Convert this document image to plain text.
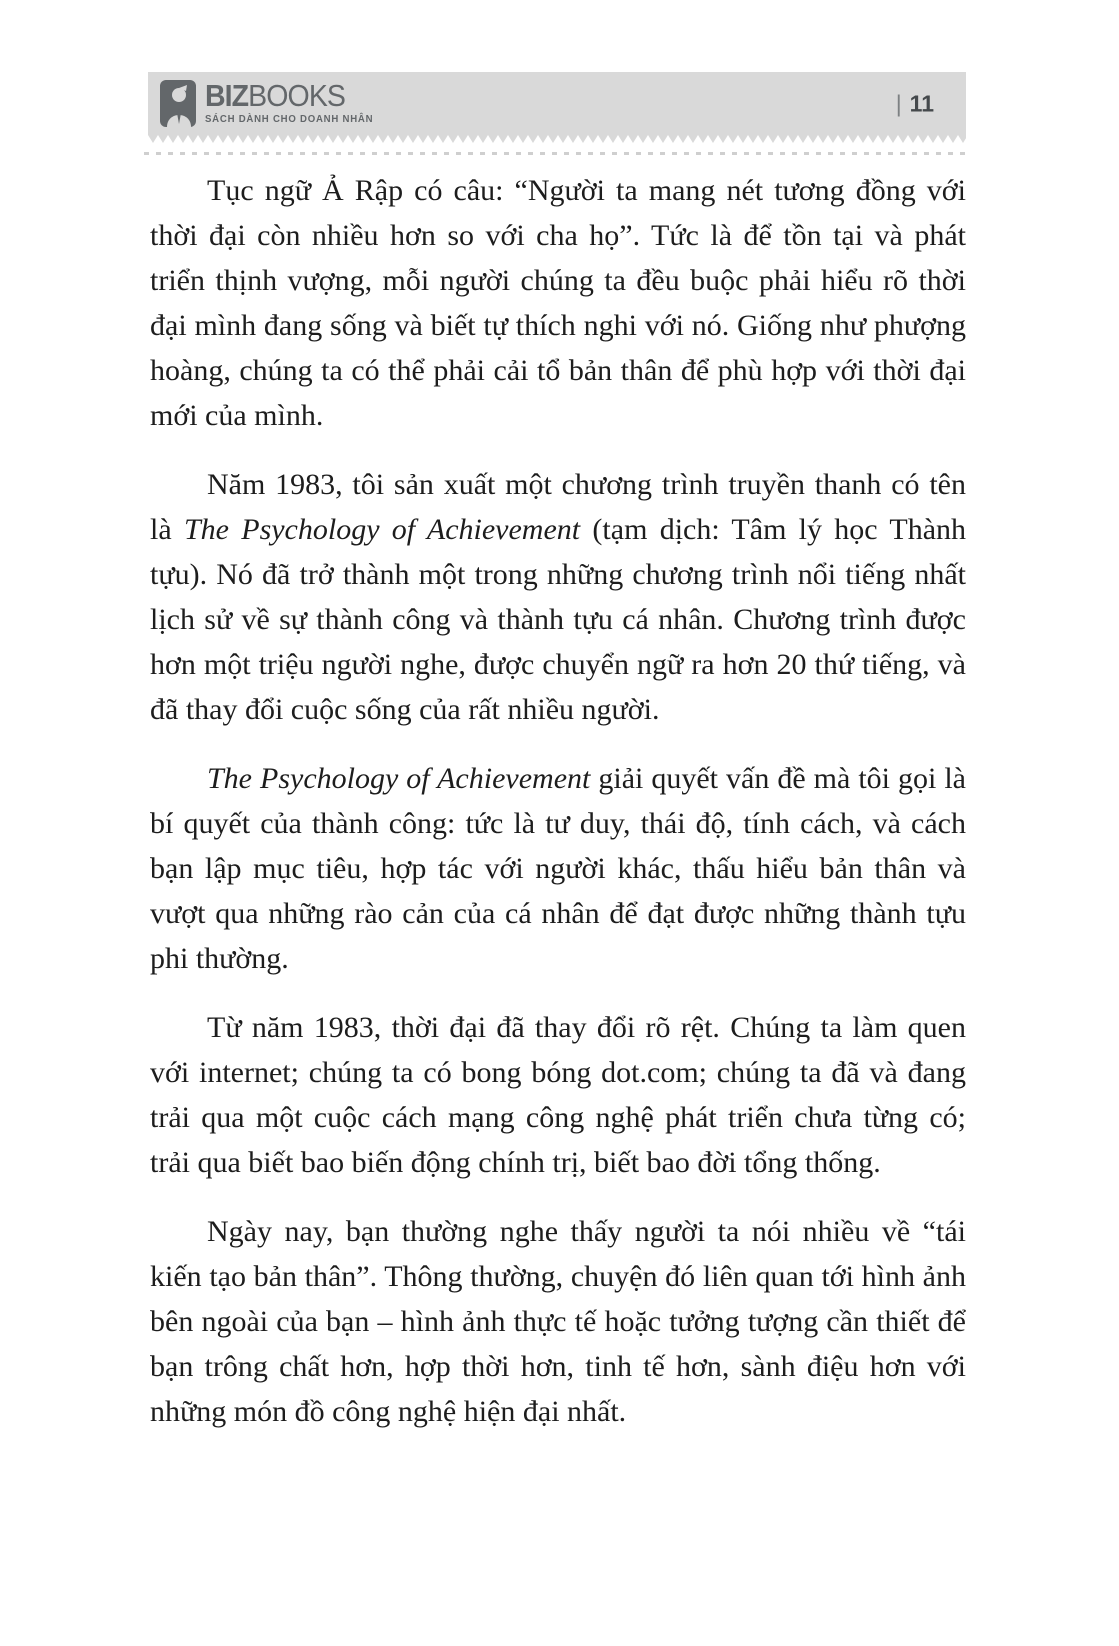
BIZBOOKS
SÁCH DÀNH CHO DOANH NHÂN
| 11

Tục ngữ Ả Rập có câu: “Người ta mang nét tương đồng với thời đại còn nhiều hơn so với cha họ”. Tức là để tồn tại và phát triển thịnh vượng, mỗi người chúng ta đều buộc phải hiểu rõ thời đại mình đang sống và biết tự thích nghi với nó. Giống như phượng hoàng, chúng ta có thể phải cải tổ bản thân để phù hợp với thời đại mới của mình.

Năm 1983, tôi sản xuất một chương trình truyền thanh có tên là The Psychology of Achievement (tạm dịch: Tâm lý học Thành tựu). Nó đã trở thành một trong những chương trình nổi tiếng nhất lịch sử về sự thành công và thành tựu cá nhân. Chương trình được hơn một triệu người nghe, được chuyển ngữ ra hơn 20 thứ tiếng, và đã thay đổi cuộc sống của rất nhiều người.

The Psychology of Achievement giải quyết vấn đề mà tôi gọi là bí quyết của thành công: tức là tư duy, thái độ, tính cách, và cách bạn lập mục tiêu, hợp tác với người khác, thấu hiểu bản thân và vượt qua những rào cản của cá nhân để đạt được những thành tựu phi thường.

Từ năm 1983, thời đại đã thay đổi rõ rệt. Chúng ta làm quen với internet; chúng ta có bong bóng dot.com; chúng ta đã và đang trải qua một cuộc cách mạng công nghệ phát triển chưa từng có; trải qua biết bao biến động chính trị, biết bao đời tổng thống.

Ngày nay, bạn thường nghe thấy người ta nói nhiều về “tái kiến tạo bản thân”. Thông thường, chuyện đó liên quan tới hình ảnh bên ngoài của bạn – hình ảnh thực tế hoặc tưởng tượng cần thiết để bạn trông chất hơn, hợp thời hơn, tinh tế hơn, sành điệu hơn với những món đồ công nghệ hiện đại nhất.
